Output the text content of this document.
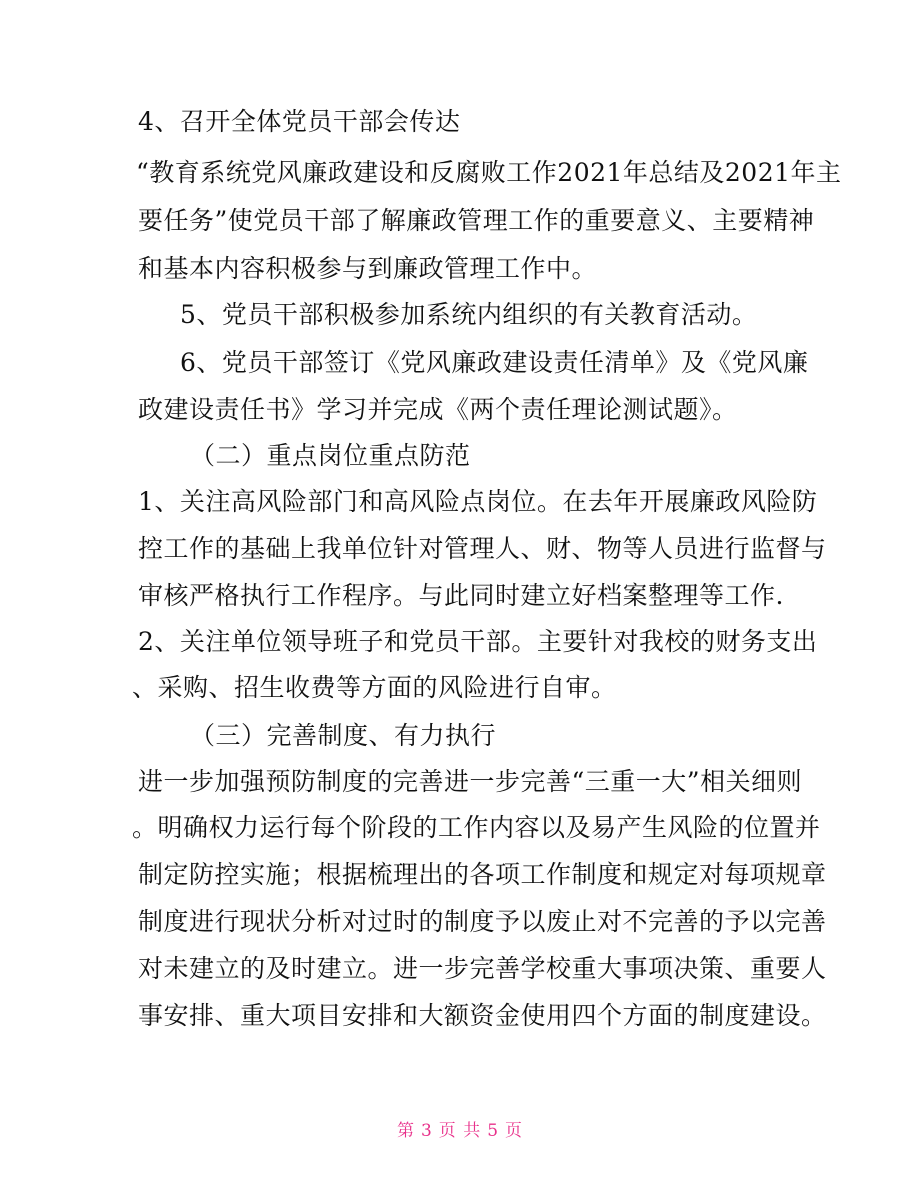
4、召开全体党员干部会传达
“教育系统党风廉政建设和反腐败工作2021年总结及2021年主
要任务”使党员干部了解廉政管理工作的重要意义、主要精神
和基本内容积极参与到廉政管理工作中。
5、党员干部积极参加系统内组织的有关教育活动。
6、党员干部签订《党风廉政建设责任清单》及《党风廉
政建设责任书》学习并完成《两个责任理论测试题》。
（二）重点岗位重点防范
1、关注高风险部门和高风险点岗位。在去年开展廉政风险防
控工作的基础上我单位针对管理人、财、物等人员进行监督与
审核严格执行工作程序。与此同时建立好档案整理等工作.
2、关注单位领导班子和党员干部。主要针对我校的财务支出
、采购、招生收费等方面的风险进行自审。
（三）完善制度、有力执行
进一步加强预防制度的完善进一步完善“三重一大”相关细则
。明确权力运行每个阶段的工作内容以及易产生风险的位置并
制定防控实施；根据梳理出的各项工作制度和规定对每项规章
制度进行现状分析对过时的制度予以废止对不完善的予以完善
对未建立的及时建立。进一步完善学校重大事项决策、重要人
事安排、重大项目安排和大额资金使用四个方面的制度建设。
第 3 页 共 5 页
